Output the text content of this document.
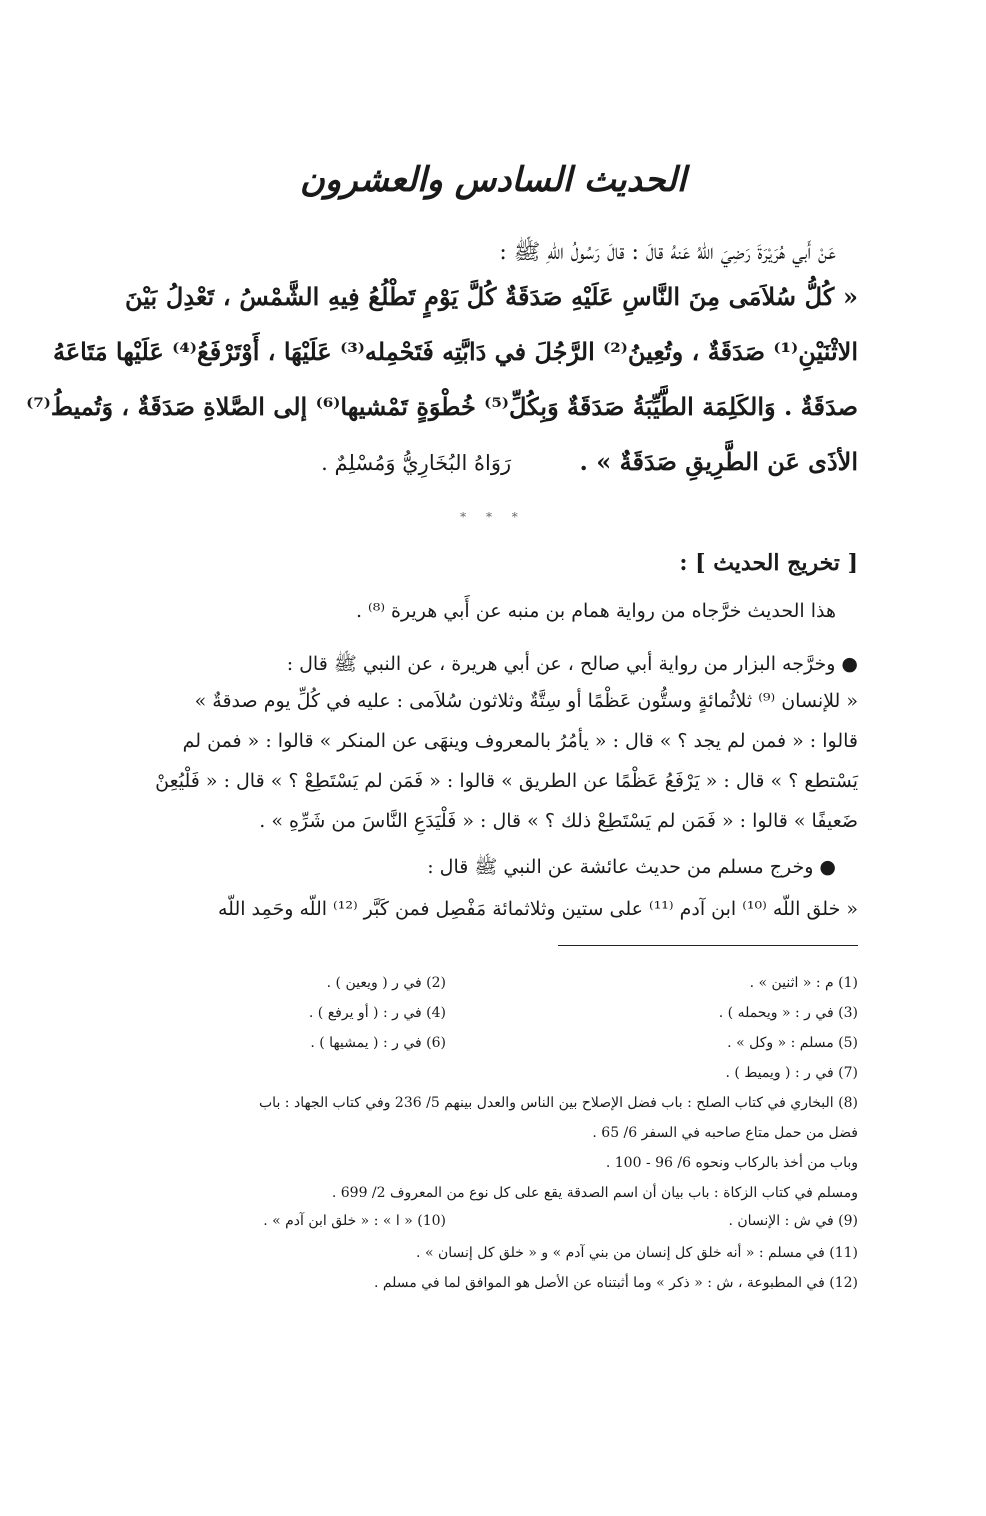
الحديث السادس والعشرون
عَنْ أَبي هُرَيْرَةَ رَضِيَ اللّهُ عَنهُ قالَ : قالَ رَسُولُ اللّهِ ﷺ :
« كُلُّ سُلاَمَى مِنَ النَّاسِ عَلَيْهِ صَدَقَةٌ كُلَّ يَوْمٍ تَطْلُعُ فِيهِ الشَّمْسُ ، تَعْدِلُ بَيْنَ
الاثْنَيْنِ⁽¹⁾ صَدَقَةٌ ، وتُعِينُ⁽²⁾ الرَّجُلَ في دَابَّتِه فَتَحْمِله⁽³⁾ عَلَيْهَا ، أَوْتَرْفَعُ⁽⁴⁾ عَلَيْها مَتَاعَهُ
صدَقَةٌ . وَالكَلِمَة الطَّيِّبَةُ صَدَقَةٌ وَبِكُلِّ⁽⁵⁾ خُطْوَةٍ تَمْشيها⁽⁶⁾ إلى الصَّلاةِ صَدَقَةٌ ، وَتُميطُ⁽⁷⁾
الأذَى عَن الطَّرِيقِ صَدَقَةٌ » . رَوَاهُ البُخَارِيُّ وَمُسْلِمٌ .
* * *
[ تخريج الحديث ] :
هذا الحديث خرَّجاه من رواية همام بن منبه عن أَبي هريرة ⁽⁸⁾ .
● وخرَّجه البزار من رواية أبي صالح ، عن أبي هريرة ، عن النبي ﷺ قال :
« للإنسان ⁽⁹⁾ ثلاثُمائةٍ وستُّون عَظْمًا أو سِتَّةٌ وثلاثون سُلاَمى : عليه في كُلِّ يوم صدقةٌ »
قالوا : « فمن لم يجد ؟ » قال : « يأمُرُ بالمعروف وينهَى عن المنكر » قالوا : « فمن لم
يَسْتطع ؟ » قال : « يَرْفَعُ عَظْمًا عن الطريق » قالوا : « فَمَن لم يَسْتَطِعْ ؟ » قال : « فَلْيُعِنْ
ضَعيفًا » قالوا : « فَمَن لم يَسْتَطِعْ ذلك ؟ » قال : « فَلْيَدَعِ النَّاسَ من شَرِّهِ » .
● وخرج مسلم من حديث عائشة عن النبي ﷺ قال :
« خلق اللّه ⁽¹⁰⁾ ابن آدم ⁽¹¹⁾ على ستين وثلاثمائة مَفْصِل فمن كَبَّر ⁽¹²⁾ اللّه وحَمِد اللّه
(1) م : « اثنين » .
(2) في ر ( ويعين ) .
(3) في ر : « ويحمله ) .
(4) في ر : ( أو يرفع ) .
(5) مسلم : « وكل » .
(6) في ر : ( يمشيها ) .
(7) في ر : ( ويميط ) .
(8) البخاري في كتاب الصلح : باب فضل الإصلاح بين الناس والعدل بينهم 5/ 236 وفي كتاب الجهاد : باب
فضل من حمل متاع صاحبه في السفر 6/ 65 .
وباب من أخذ بالركاب ونحوه 6/ 96 - 100 .
ومسلم في كتاب الزكاة : باب بيان أن اسم الصدقة يقع على كل نوع من المعروف 2/ 699 .
(9) في ش : الإنسان .
(10) « ا » : « خلق ابن آدم » .
(11) في مسلم : « أنه خلق كل إنسان من بني آدم » و « خلق كل إنسان » .
(12) في المطبوعة ، ش : « ذكر » وما أثبتناه عن الأصل هو الموافق لما في مسلم .
